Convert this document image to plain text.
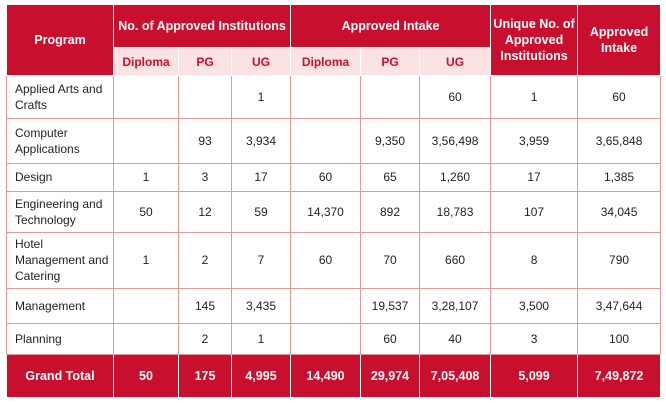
Program	No. of Approved Institutions			Approved Intake			Unique No. of Approved Institutions	Approved Intake
	Diploma	PG	UG	Diploma	PG	UG		
Applied Arts and Crafts			1			60	1	60
Computer Applications		93	3,934		9,350	3,56,498	3,959	3,65,848
Design	1	3	17	60	65	1,260	17	1,385
Engineering and Technology	50	12	59	14,370	892	18,783	107	34,045
Hotel Management and Catering	1	2	7	60	70	660	8	790
Management		145	3,435		19,537	3,28,107	3,500	3,47,644
Planning		2	1		60	40	3	100
Grand Total	50	175	4,995	14,490	29,974	7,05,408	5,099	7,49,872
